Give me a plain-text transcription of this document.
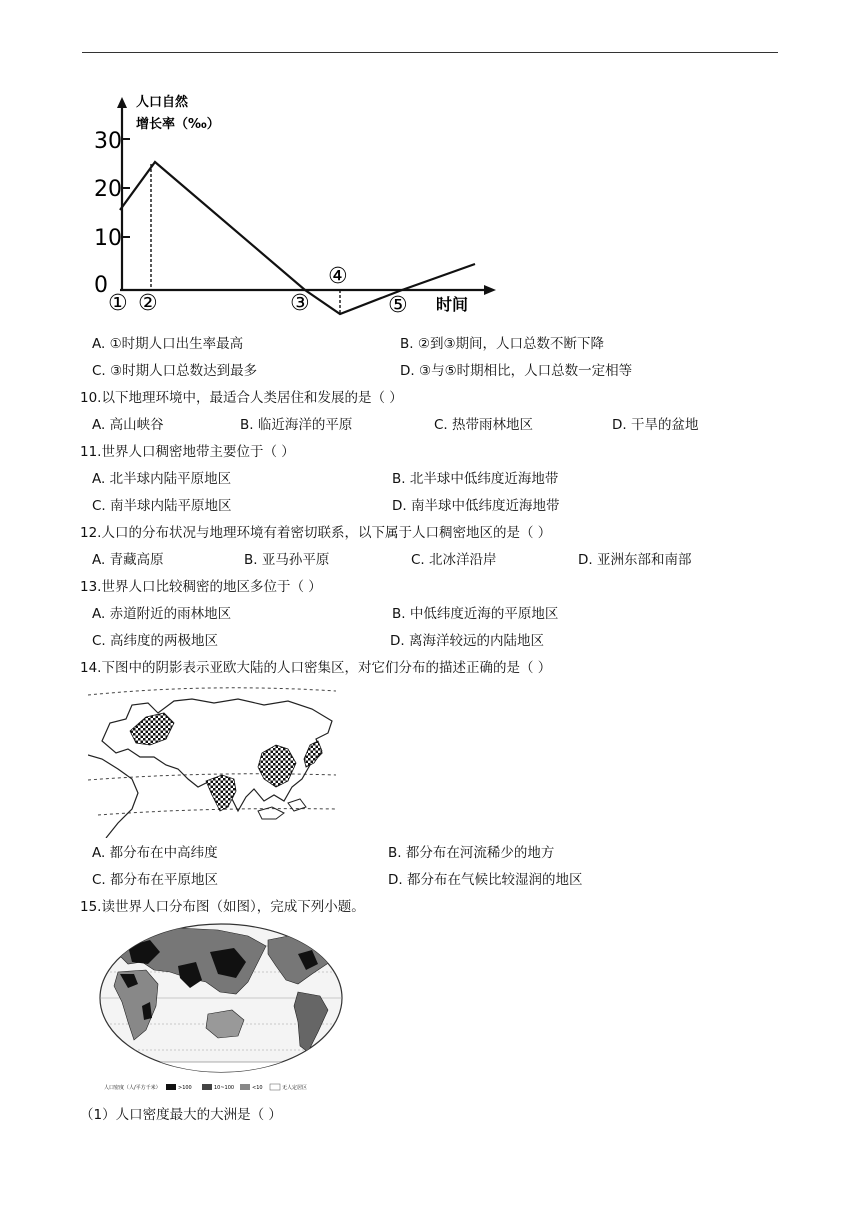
人口自然
增长率（‰）
30
20
10
0
① ②	③
④
⑤ 时间
A. ①时期人口出生率最高	B. ②到③期间，人口总数不断下降
C. ③时期人口总数达到最多	D. ③与⑤时期相比，人口总数一定相等
10.以下地理环境中，最适合人类居住和发展的是（ ）
A. 高山峡谷	B. 临近海洋的平原	C. 热带雨林地区	D. 干旱的盆地
11.世界人口稠密地带主要位于（ ）
A. 北半球内陆平原地区	B. 北半球中低纬度近海地带
C. 南半球内陆平原地区	D. 南半球中低纬度近海地带
12.人口的分布状况与地理环境有着密切联系，以下属于人口稠密地区的是（ ）
A. 青藏高原	B. 亚马孙平原	C. 北冰洋沿岸	D. 亚洲东部和南部
13.世界人口比较稠密的地区多位于（ ）
A. 赤道附近的雨林地区	B. 中低纬度近海的平原地区
C. 高纬度的两极地区	D. 离海洋较远的内陆地区
14.下图中的阴影表示亚欧大陆的人口密集区，对它们分布的描述正确的是（ ）
A. 都分布在中高纬度	B. 都分布在河流稀少的地方
C. 都分布在平原地区	D. 都分布在气候比较湿润的地区
15.读世界人口分布图（如图），完成下列小题。
人口密度（人/平方千米）	>100	10~100	<10	无人定居区
（1）人口密度最大的大洲是（ ）
